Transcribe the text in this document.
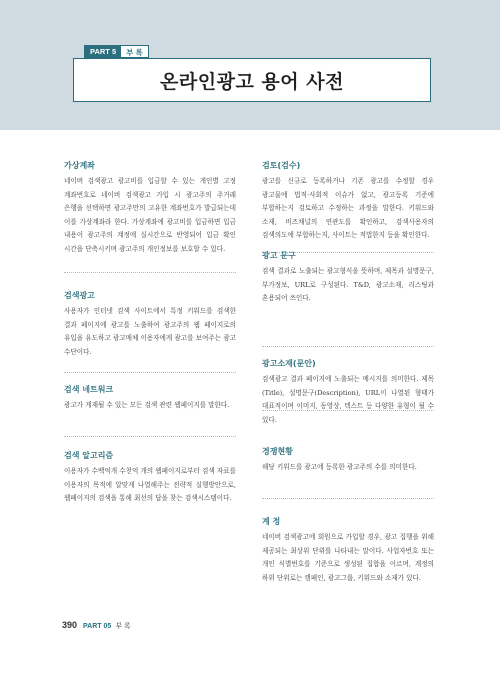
PART 5	부 록
온라인광고 용어 사전
가상계좌

네이버 검색광고 광고비를 입금할 수 있는 개인별 고정 계좌번호로 네이버 검색광고 가입 시 광고주의 주거래 은행을 선택하면 광고주만의 고유한 계좌번호가 발급되는데 이를 가상계좌라 한다. 가상계좌에 광고비를 입금하면 입금 내용이 광고주의 계정에 실시간으로 반영되어 입금 확인 시간을 단축시키며 광고주의 개인정보를 보호할 수 있다.

검색광고

사용자가 인터넷 검색 사이트에서 특정 키워드를 검색한 결과 페이지에 광고를 노출하여 광고주의 웹 페이지로의 유입을 유도하고 광고매체 이용자에게 광고를 보여주는 광고 수단이다.

검색 네트워크

광고가 게재될 수 있는 모든 검색 관련 웹페이지를 말한다.

검색 알고리즘

이용자가 수백억개 수천억 개의 웹페이지로부터 검색 자료를 이용자의 목적에 알맞게 나열해주는 전략적 실행방안으로, 웹페이지의 검색을 통해 최선의 답을 찾는 검색시스템이다.

검토(검수)

광고를 신규로 등록하거나 기존 광고를 수정할 경우 광고물에 법적·사회적 이슈가 없고, 광고등록 기준에 부합하는지 검토하고 수정하는 과정을 말한다. 키워드와 소재, 비즈채널의 연관도를 확인하고, 검색사용자의 검색의도에 부합하는지, 사이트는 적법한지 등을 확인한다.

광고 문구

검색 결과로 노출되는 광고형식을 뜻하며, 제목과 설명문구, 부가정보, URL로 구성된다. T&D, 광고소재, 리스팅과 혼용되어 쓰인다.

광고소재(문안)

검색광고 결과 페이지에 노출되는 메시지를 의미한다. 제목(Title), 설명문구(Description), URL이 나열된 형태가 대표적이며 이미지, 동영상, 텍스트 등 다양한 유형이 될 수 있다.

경쟁현황

해당 키워드를 광고에 등록한 광고주의 수를 의미한다.

계 정

네이버 검색광고에 회원으로 가입할 경우, 광고 집행을 위해 제공되는 최상위 단위를 나타내는 말이다. 사업자번호 또는 개인 식별번호를 기준으로 생성된 집합을 이르며, 계정의 하위 단위로는 캠페인, 광고그룹, 키워드와 소재가 있다.

390 PART 05 부 록
